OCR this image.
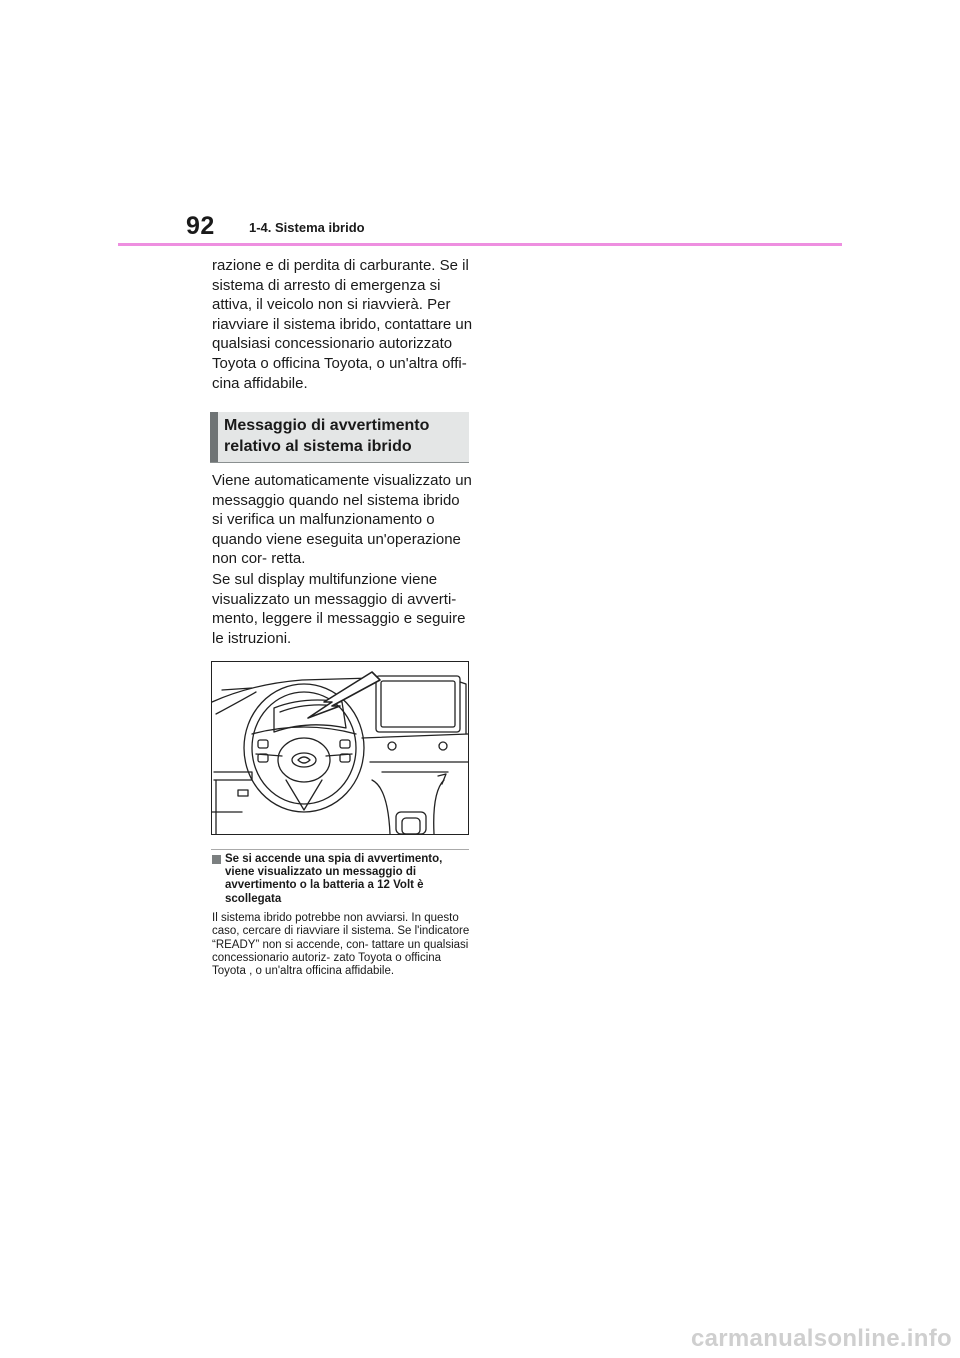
92	1-4. Sistema ibrido
razione e di perdita di carburante. Se il sistema di arresto di emergenza si attiva, il veicolo non si riavvierà. Per riavviare il sistema ibrido, contattare un qualsiasi concessionario autorizzato Toyota o officina Toyota, o un'altra offi- cina affidabile.
Messaggio di avvertimento relativo al sistema ibrido
Viene automaticamente visualizzato un messaggio quando nel sistema ibrido si verifica un malfunzionamento o quando viene eseguita un'operazione non cor- retta.
Se sul display multifunzione viene visualizzato un messaggio di avverti- mento, leggere il messaggio e seguire le istruzioni.
Se si accende una spia di avvertimento, viene visualizzato un messaggio di avvertimento o la batteria a 12 Volt è scollegata
Il sistema ibrido potrebbe non avviarsi. In questo caso, cercare di riavviare il sistema. Se l'indicatore “READY” non si accende, con- tattare un qualsiasi concessionario autoriz- zato Toyota o officina Toyota , o un'altra officina affidabile.
carmanualsonline.info
